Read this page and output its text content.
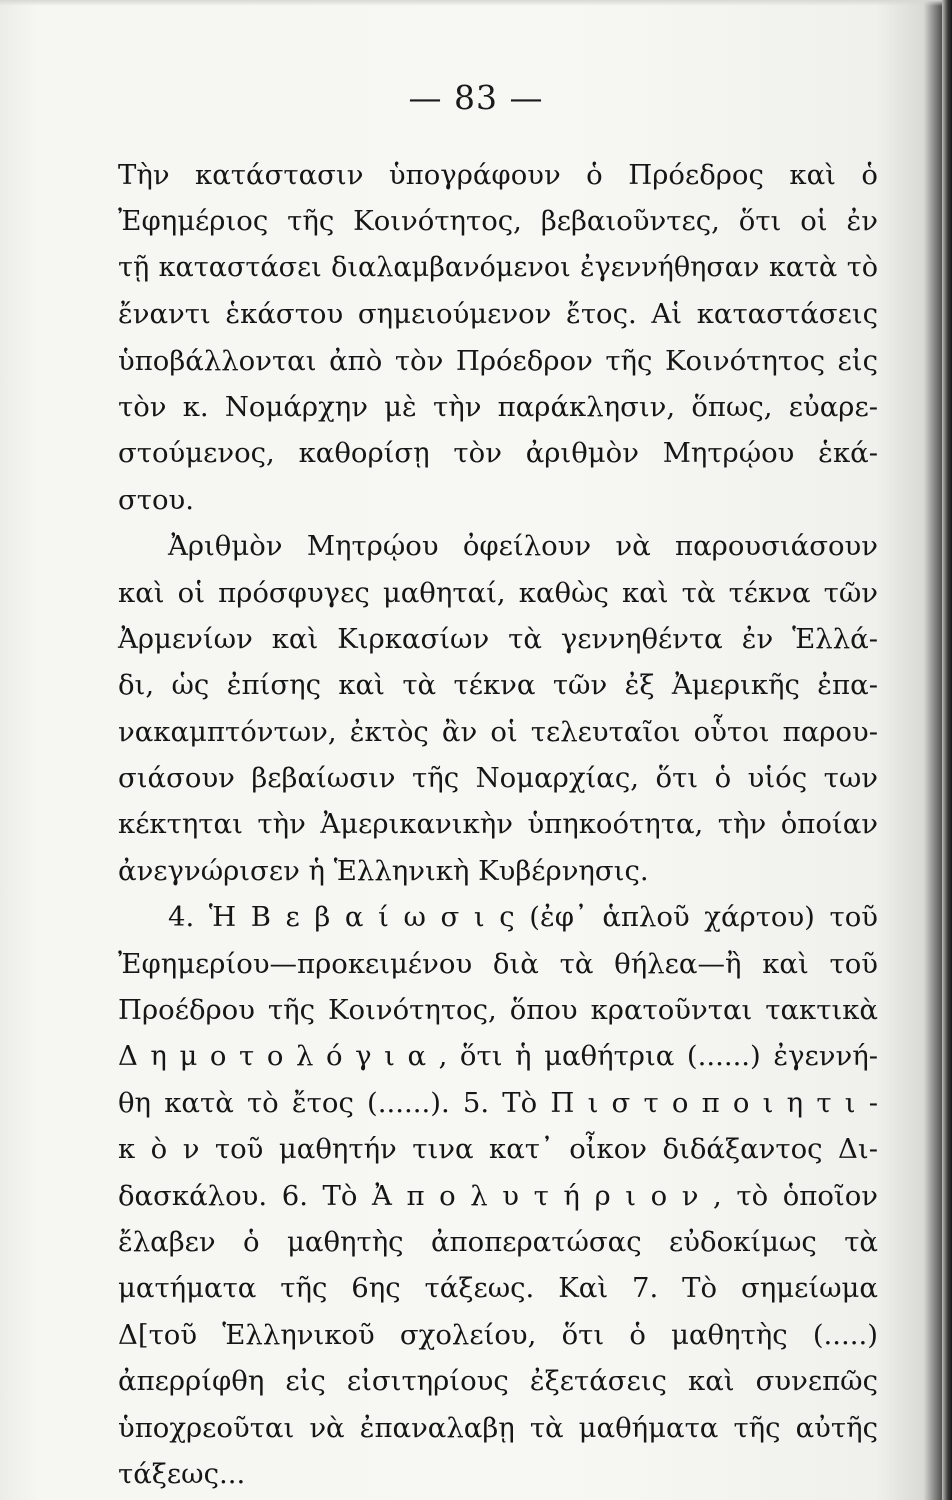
— 83 —
Τὴν κατάστασιν ὑπογράφουν ὁ Πρόεδρος καὶ ὁ
Ἐφημέριος τῆς Κοινότητος, βεβαιοῦντες, ὅτι οἱ ἐν
τῇ καταστάσει διαλαμβανόμενοι ἐγεννήθησαν κατὰ τὸ
ἔναντι ἑκάστου σημειούμενον ἔτος. Αἱ καταστάσεις
ὑποβάλλονται ἀπὸ τὸν Πρόεδρον τῆς Κοινότητος εἰς
τὸν κ. Νομάρχην μὲ τὴν παράκλησιν, ὅπως, εὐαρε-
στούμενος, καθορίσῃ τὸν ἀριθμὸν Μητρῴου ἑκά-
στου.
Ἀριθμὸν Μητρῴου ὀφείλουν νὰ παρουσιάσουν
καὶ οἱ πρόσφυγες μαθηταί, καθὼς καὶ τὰ τέκνα τῶν
Ἀρμενίων καὶ Κιρκασίων τὰ γεννηθέντα ἐν Ἑλλά-
δι, ὡς ἐπίσης καὶ τὰ τέκνα τῶν ἐξ Ἀμερικῆς ἐπα-
νακαμπτόντων, ἐκτὸς ἂν οἱ τελευταῖοι οὗτοι παρου-
σιάσουν βεβαίωσιν τῆς Νομαρχίας, ὅτι ὁ υἱός των
κέκτηται τὴν Ἀμερικανικὴν ὑπηκοότητα, τὴν ὁποίαν
ἀνεγνώρισεν ἡ Ἑλληνικὴ Κυβέρνησις.
4. Ἡ Β ε β α ί ω σ ι ς (ἐφ᾽ ἁπλοῦ χάρτου) τοῦ
Ἐφημερίου—προκειμένου διὰ τὰ θήλεα—ἢ καὶ τοῦ
Προέδρου τῆς Κοινότητος, ὅπου κρατοῦνται τακτικὰ
Δ η μ ο τ ο λ ό γ ι α , ὅτι ἡ μαθήτρια (......) ἐγεννή-
θη κατὰ τὸ ἔτος (......). 5. Τὸ Π ι σ τ ο π ο ι η τ ι -
κ ὸ ν τοῦ μαθητήν τινα κατ᾽ οἶκον διδάξαντος Δι-
δασκάλου. 6. Τὸ Ἀ π ο λ υ τ ή ρ ι ο ν , τὸ ὁποῖον
ἔλαβεν ὁ μαθητὴς ἀποπερατώσας εὐδοκίμως τὰ
ματήματα τῆς 6ης τάξεως. Καὶ 7. Τὸ σημείωμα
Δ[τοῦ Ἑλληνικοῦ σχολείου, ὅτι ὁ μαθητὴς (.....)
ἀπερρίφθη εἰς εἰσιτηρίους ἐξετάσεις καὶ συνεπῶς
ὑποχρεοῦται νὰ ἐπαναλαβῃ τὰ μαθήματα τῆς αὐτῆς
τάξεως...
